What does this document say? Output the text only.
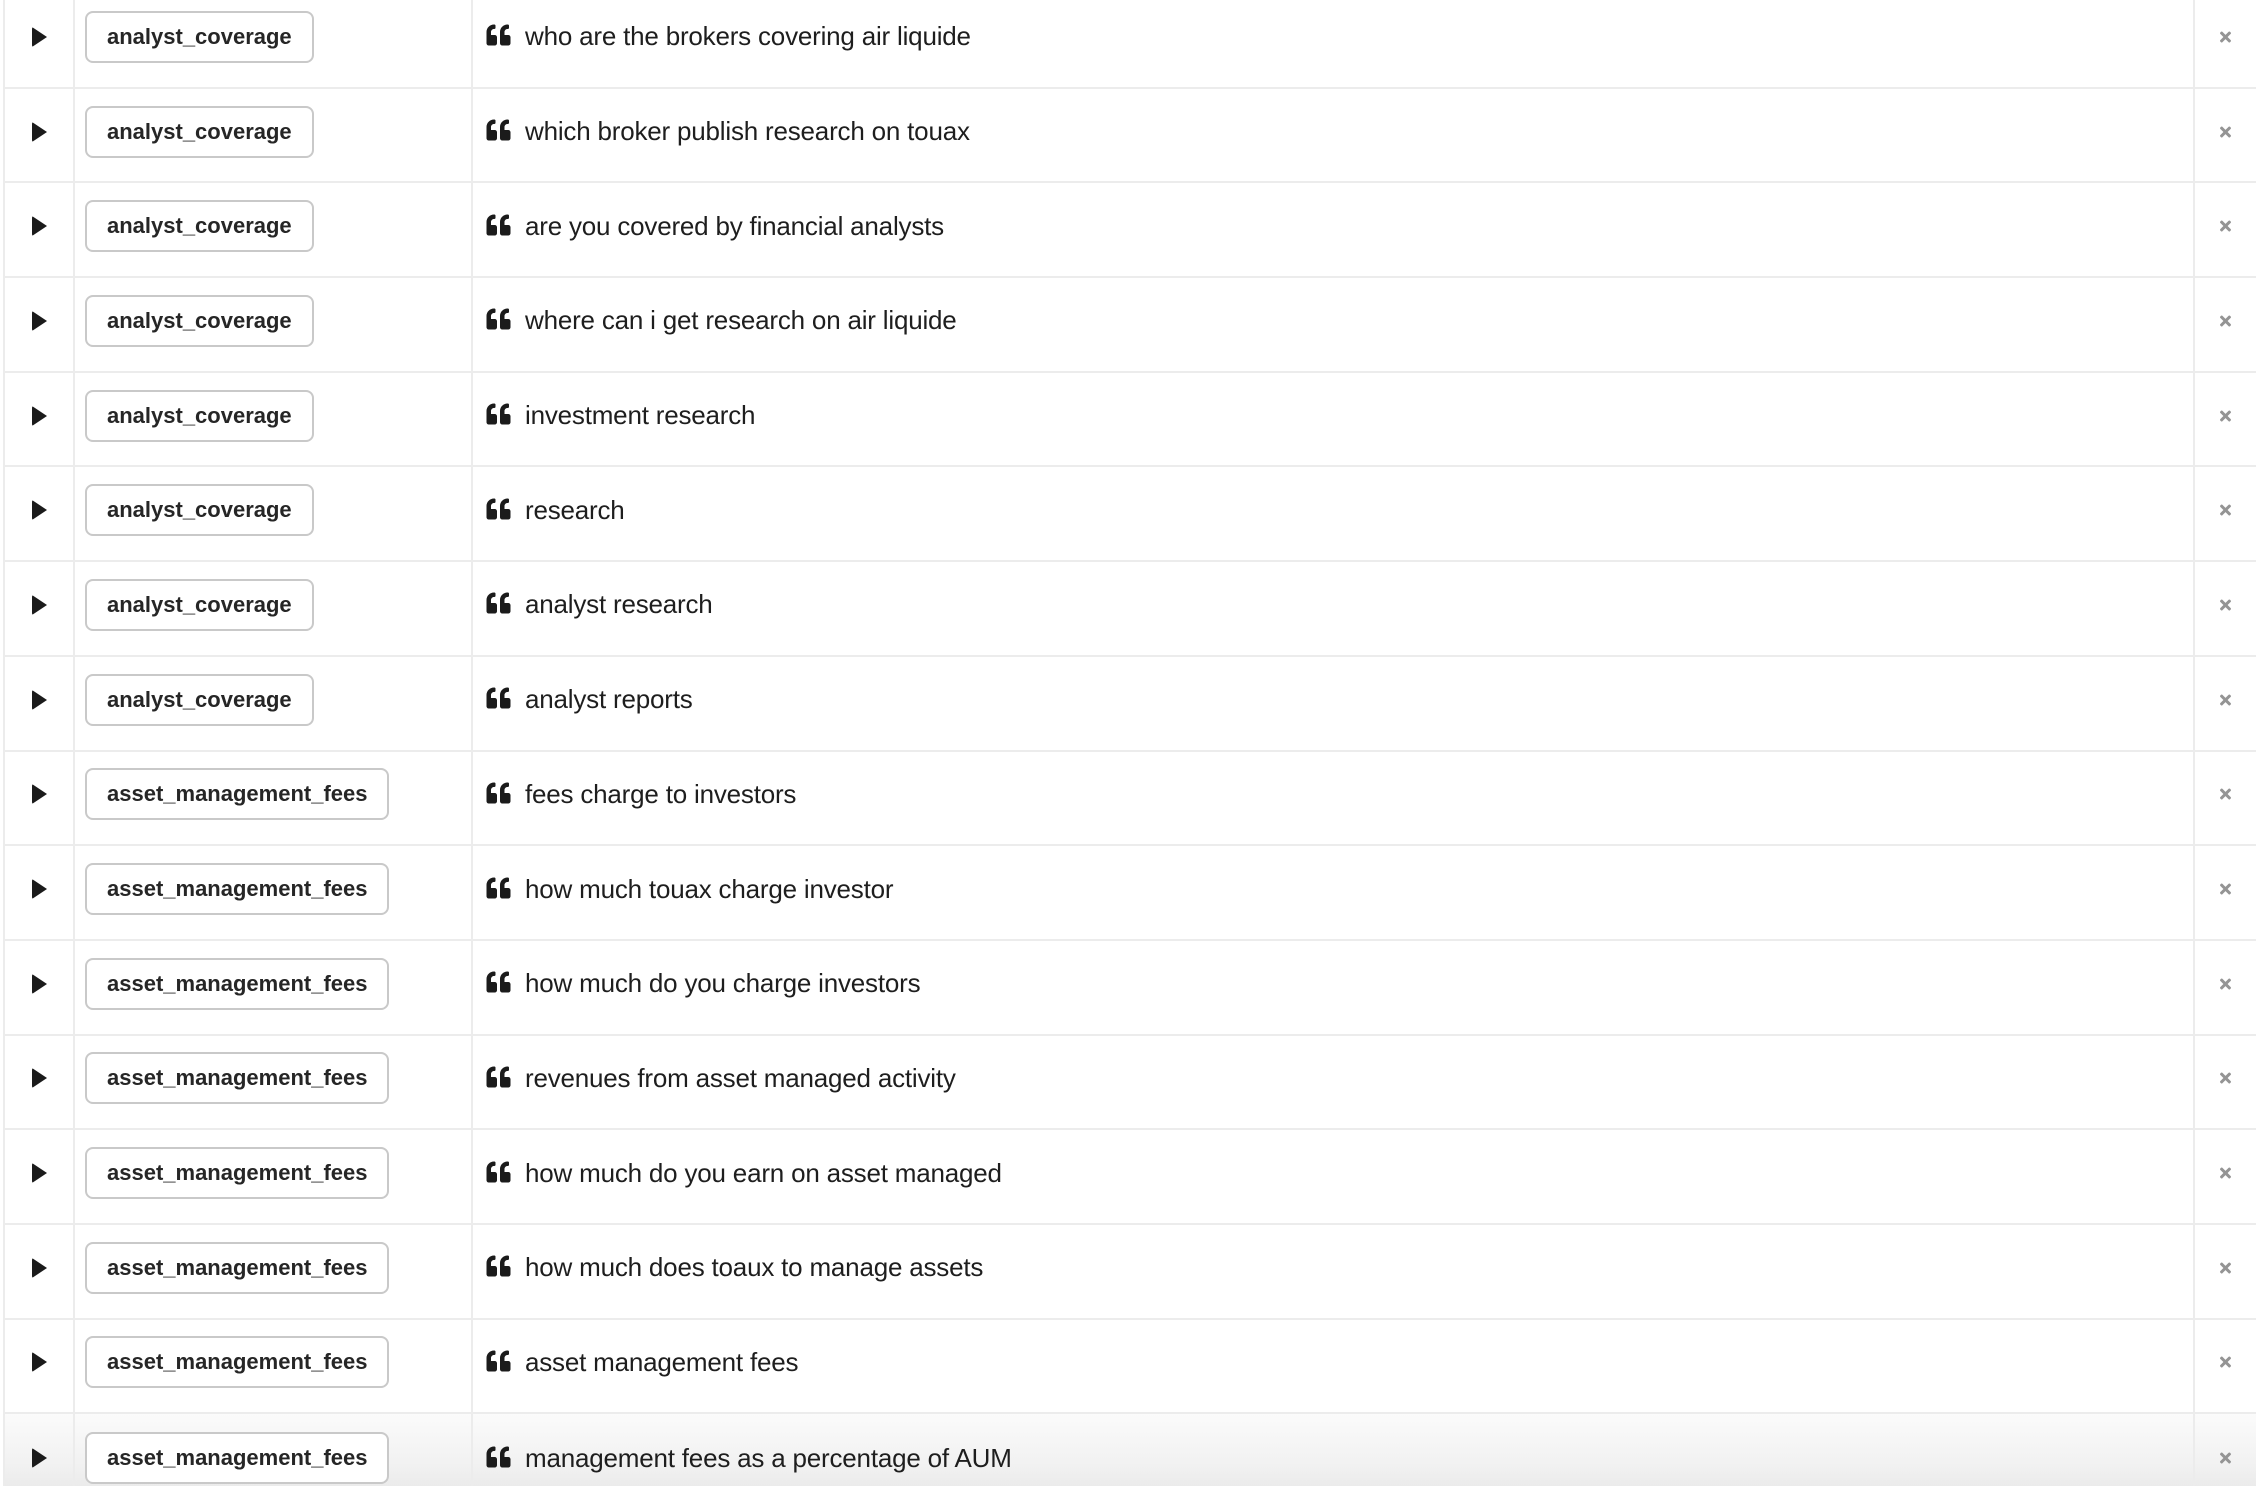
analyst_coverage	who are the brokers covering air liquide
analyst_coverage	which broker publish research on touax
analyst_coverage	are you covered by financial analysts
analyst_coverage	where can i get research on air liquide
analyst_coverage	investment research
analyst_coverage	research
analyst_coverage	analyst research
analyst_coverage	analyst reports
asset_management_fees	fees charge to investors
asset_management_fees	how much touax charge investor
asset_management_fees	how much do you charge investors
asset_management_fees	revenues from asset managed activity
asset_management_fees	how much do you earn on asset managed
asset_management_fees	how much does toaux to manage assets
asset_management_fees	asset management fees
asset_management_fees	management fees as a percentage of AUM
